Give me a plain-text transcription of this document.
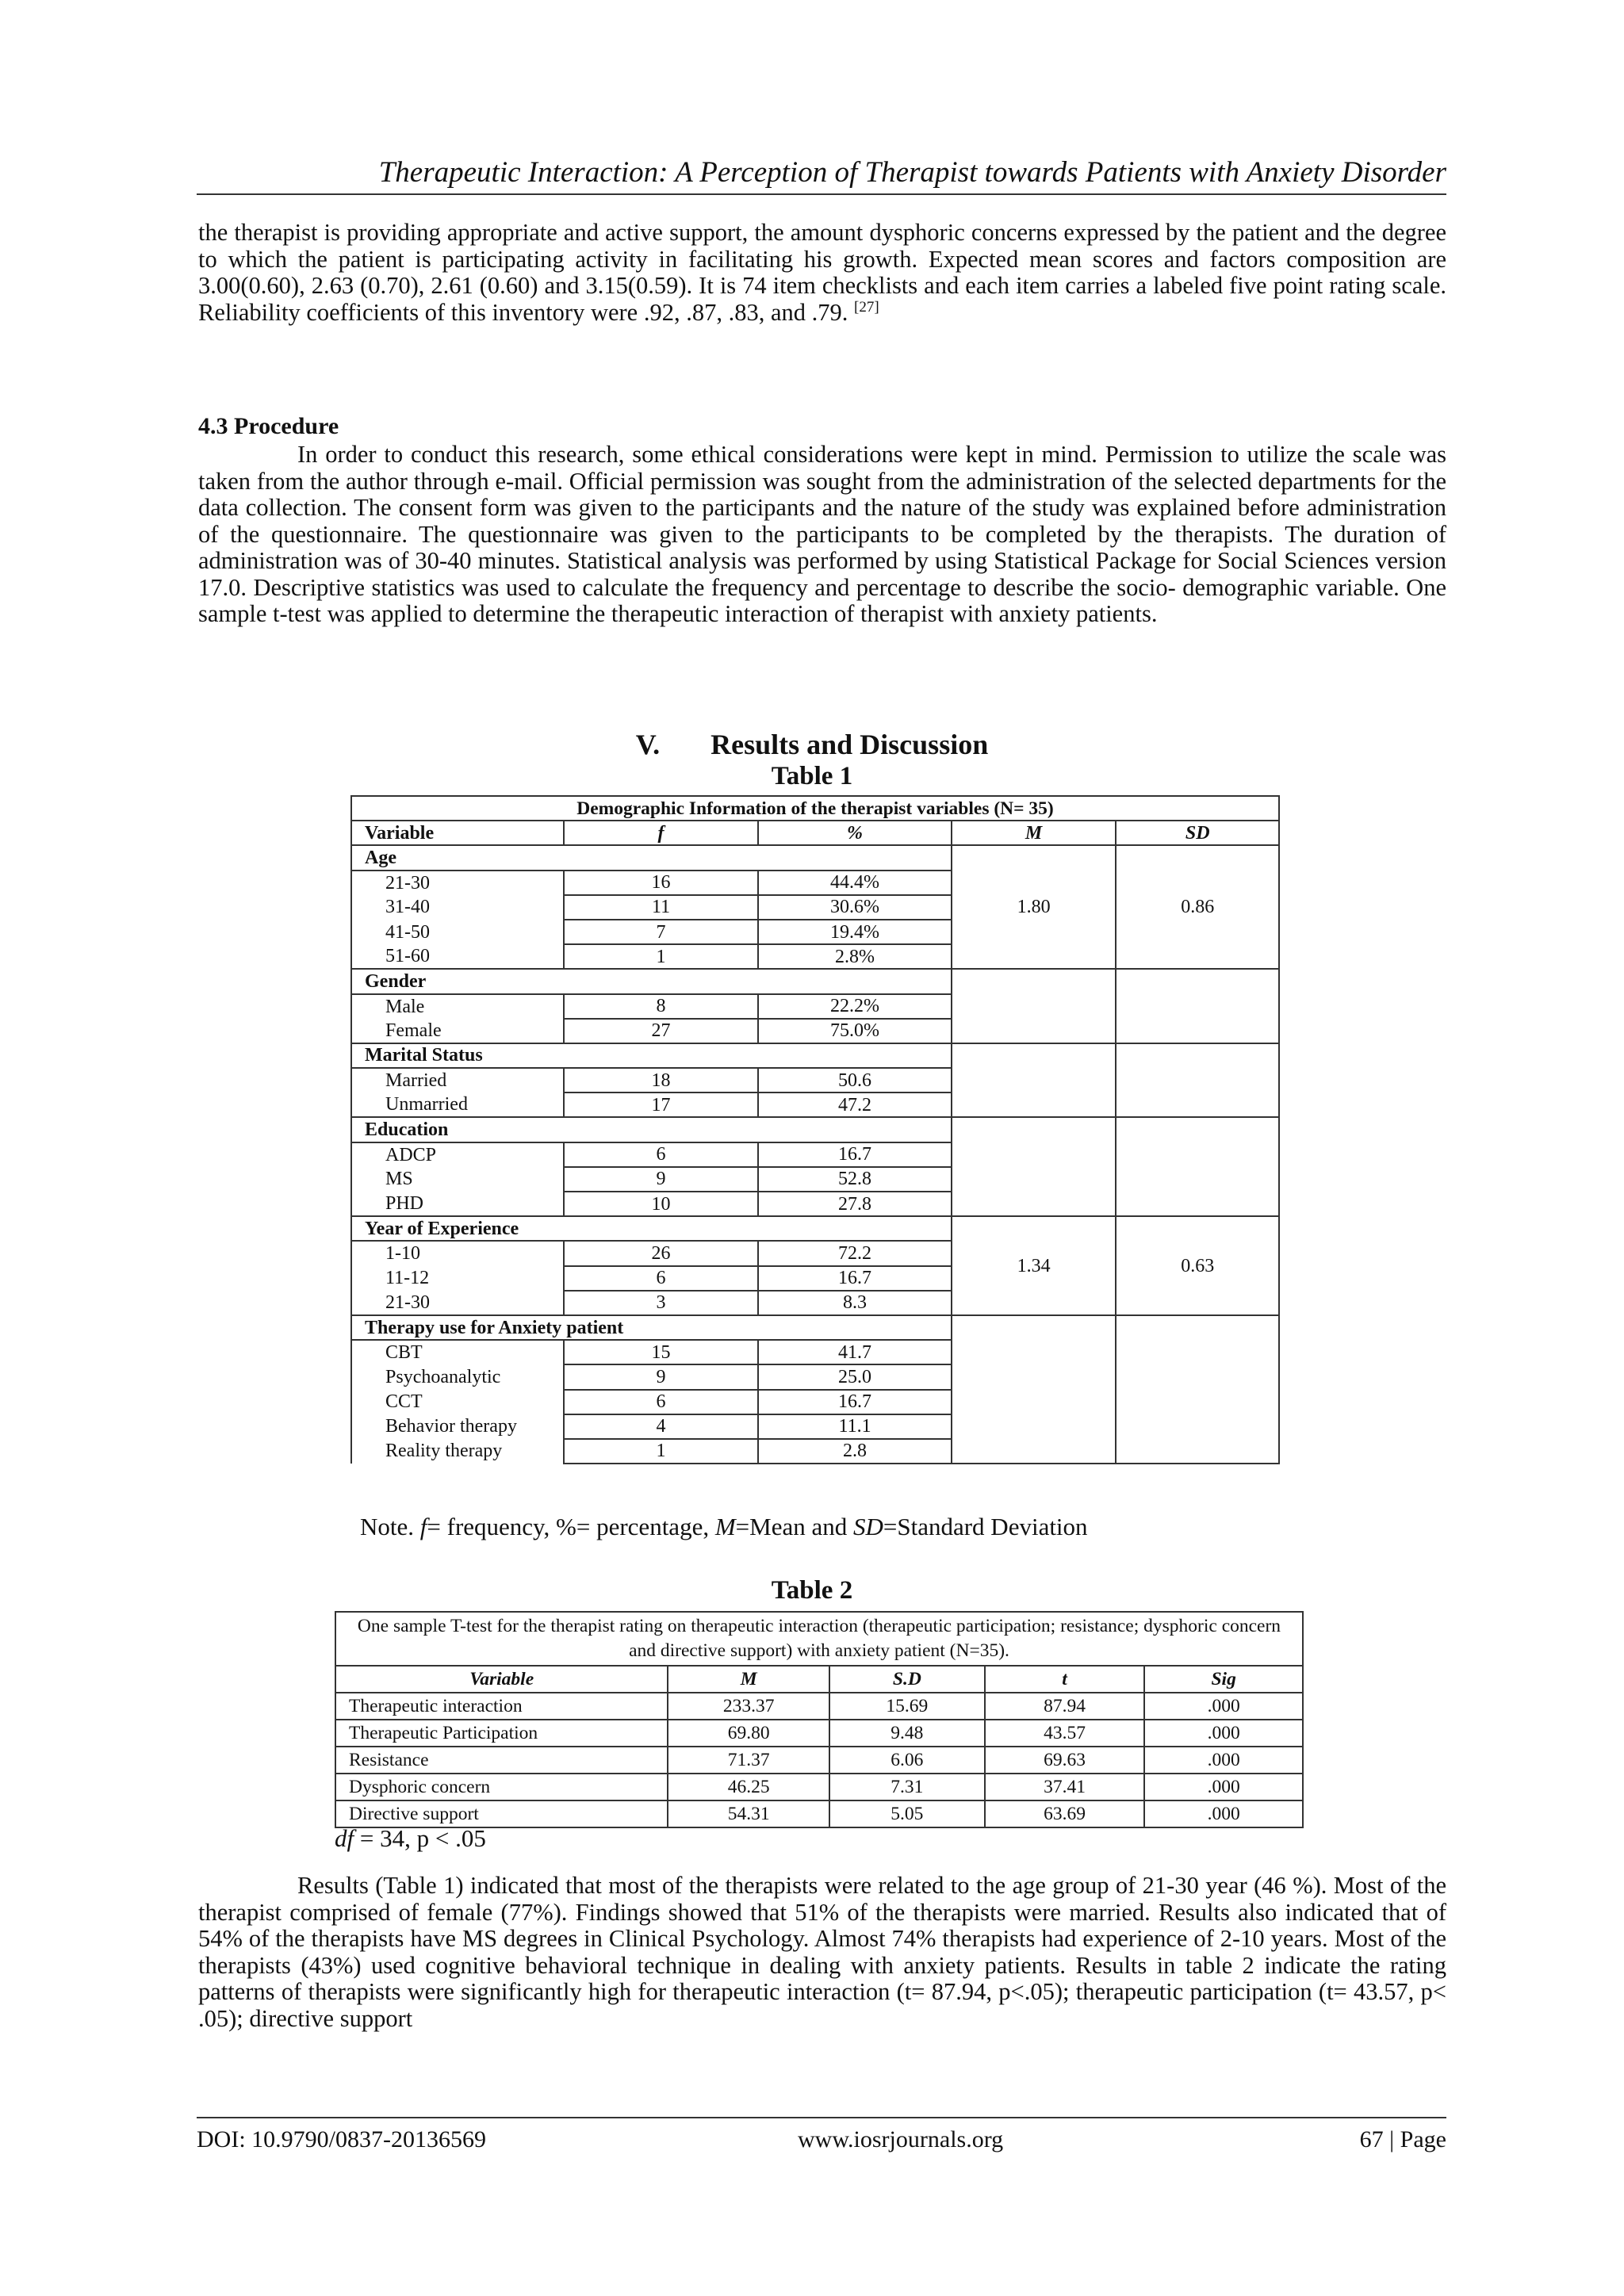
Therapeutic Interaction: A Perception of Therapist towards Patients with Anxiety Disorder

the therapist is providing appropriate and active support, the amount dysphoric concerns expressed by the patient and the degree to which the patient is participating activity in facilitating his growth. Expected mean scores and factors composition are 3.00(0.60), 2.63 (0.70), 2.61 (0.60) and 3.15(0.59). It is 74 item checklists and each item carries a labeled five point rating scale. Reliability coefficients of this inventory were .92, .87, .83, and .79. [27]

4.3 Procedure

In order to conduct this research, some ethical considerations were kept in mind. Permission to utilize the scale was taken from the author through e-mail. Official permission was sought from the administration of the selected departments for the data collection. The consent form was given to the participants and the nature of the study was explained before administration of the questionnaire. The questionnaire was given to the participants to be completed by the therapists. The duration of administration was of 30-40 minutes. Statistical analysis was performed by using Statistical Package for Social Sciences version 17.0. Descriptive statistics was used to calculate the frequency and percentage to describe the socio- demographic variable. One sample t-test was applied to determine the therapeutic interaction of therapist with anxiety patients.

V. Results and Discussion
Table 1
Demographic Information of the therapist variables (N= 35)				
Variable	f	%	M	SD
Age			1.80	0.86
21-30	16	44.4%		
31-40	11	30.6%		
41-50	7	19.4%		
51-60	1	2.8%		
Gender				
Male	8	22.2%		
Female	27	75.0%		
Marital Status				
Married	18	50.6		
Unmarried	17	47.2		
Education				
ADCP	6	16.7		
MS	9	52.8		
PHD	10	27.8		
Year of Experience			1.34	0.63
1-10	26	72.2		
11-12	6	16.7		
21-30	3	8.3		
Therapy use for Anxiety patient				
CBT	15	41.7		
Psychoanalytic	9	25.0		
CCT	6	16.7		
Behavior therapy	4	11.1		
Reality therapy	1	2.8		
Note. f= frequency, %= percentage, M=Mean and SD=Standard Deviation
Table 2
One sample T-test for the therapist rating on therapeutic interaction (therapeutic participation; resistance; dysphoric concern and directive support) with anxiety patient (N=35).				
Variable	M	S.D	t	Sig
Therapeutic interaction	233.37	15.69	87.94	.000
Therapeutic Participation	69.80	9.48	43.57	.000
Resistance	71.37	6.06	69.63	.000
Dysphoric concern	46.25	7.31	37.41	.000
Directive support	54.31	5.05	63.69	.000
df = 34, p < .05

Results (Table 1) indicated that most of the therapists were related to the age group of 21-30 year (46 %). Most of the therapist comprised of female (77%). Findings showed that 51% of the therapists were married. Results also indicated that of 54% of the therapists have MS degrees in Clinical Psychology. Almost 74% therapists had experience of 2-10 years. Most of the therapists (43%) used cognitive behavioral technique in dealing with anxiety patients. Results in table 2 indicate the rating patterns of therapists were significantly high for therapeutic interaction (t= 87.94, p<.05); therapeutic participation (t= 43.57, p< .05); directive support

DOI: 10.9790/0837-20136569	www.iosrjournals.org	67 | Page
